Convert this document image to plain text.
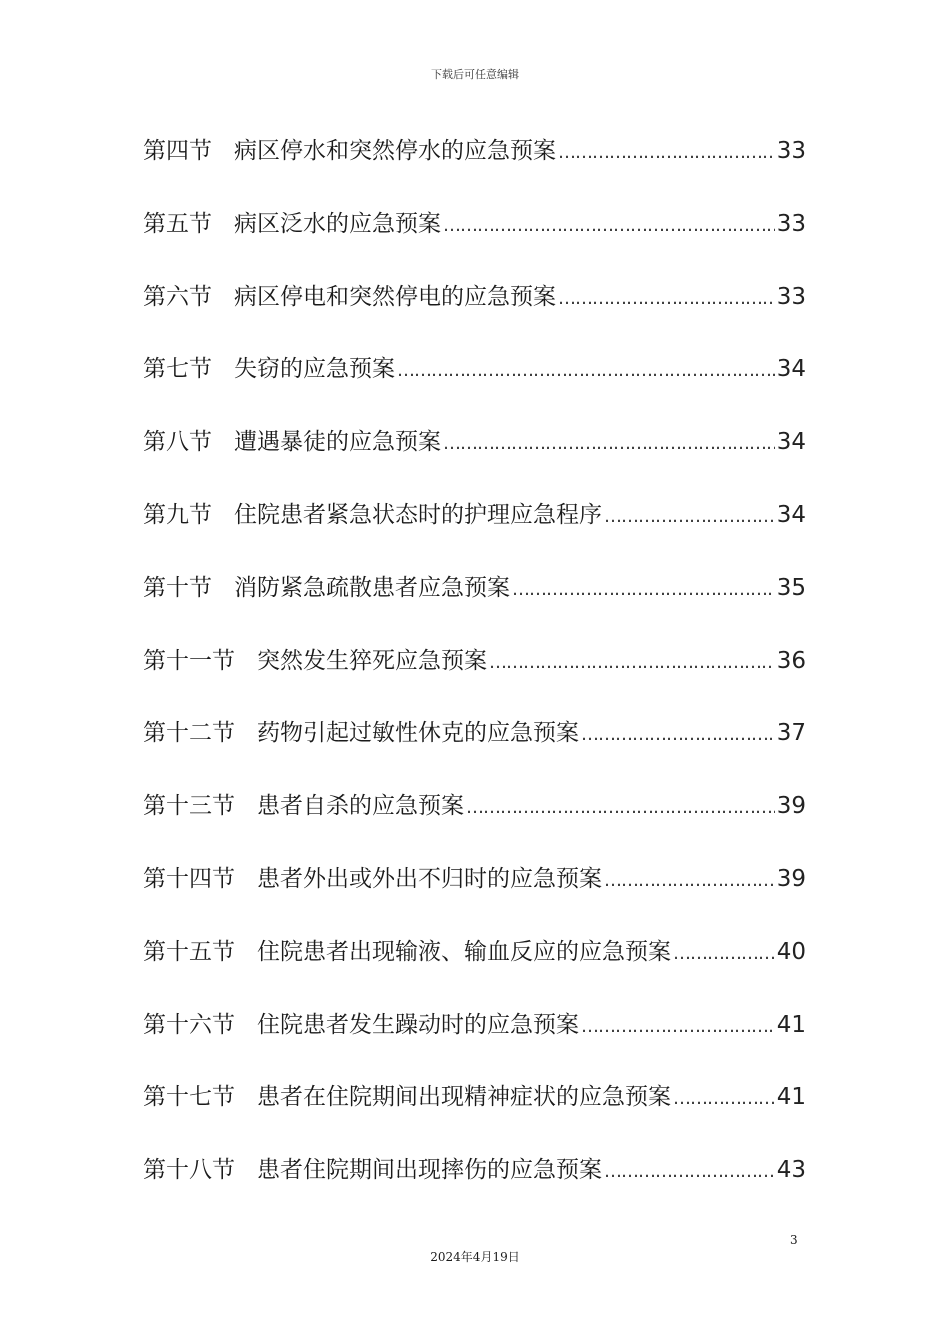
下载后可任意编辑
第四节 病区停水和突然停水的应急预案 ………………………………………………………………………………………………………………………………	33
第五节 病区泛水的应急预案 ………………………………………………………………………………………………………………………………	33
第六节 病区停电和突然停电的应急预案 ………………………………………………………………………………………………………………………………	33
第七节 失窃的应急预案 ………………………………………………………………………………………………………………………………	34
第八节 遭遇暴徒的应急预案 ………………………………………………………………………………………………………………………………	34
第九节 住院患者紧急状态时的护理应急程序 ………………………………………………………………………………………………………………………………	34
第十节 消防紧急疏散患者应急预案 ………………………………………………………………………………………………………………………………	35
第十一节 突然发生猝死应急预案 ………………………………………………………………………………………………………………………………	36
第十二节 药物引起过敏性休克的应急预案 ………………………………………………………………………………………………………………………………	37
第十三节 患者自杀的应急预案 ………………………………………………………………………………………………………………………………	39
第十四节 患者外出或外出不归时的应急预案 ………………………………………………………………………………………………………………………………	39
第十五节 住院患者出现输液、输血反应的应急预案 ………………………………………………………………………………………………………………………………	40
第十六节 住院患者发生躁动时的应急预案 ………………………………………………………………………………………………………………………………	41
第十七节 患者在住院期间出现精神症状的应急预案 ………………………………………………………………………………………………………………………………	41
第十八节 患者住院期间出现摔伤的应急预案 ………………………………………………………………………………………………………………………………	43
3
2024年4月19日
